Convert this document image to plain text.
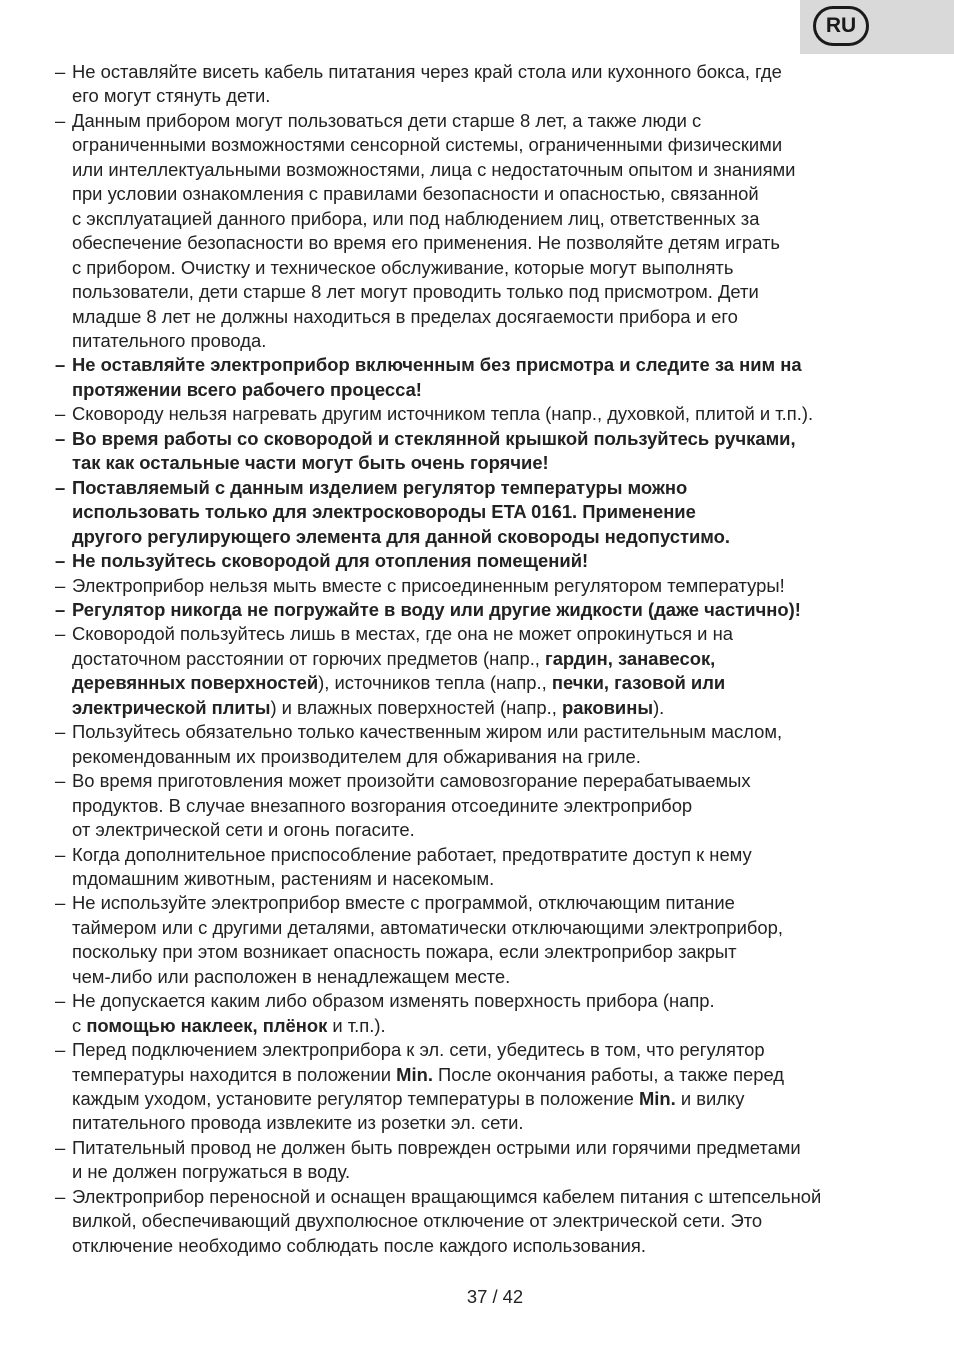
RU
– Не оставляйте висеть кабель питатания через край стола или кухонного бокса, где
его могут стянуть дети.
– Данным прибором могут пользоваться дети старше 8 лет, а также люди с
ограниченными возможностями сенсорной системы, ограниченными физическими
или интеллектуальными возможностями, лица с недостаточным опытом и знаниями
при условии ознакомления с правилами безопасности и опасностью, связанной
с эксплуатацией данного прибора, или под наблюдением лиц, ответственных за
обеспечение безопасности во время его применения. Не позволяйте детям играть
с прибором. Очистку и техническое обслуживание, которые могут выполнять
пользователи, дети старше 8 лет могут проводить только под присмотром. Дети
младше 8 лет не должны находиться в пределах досягаемости прибора и его
питательного провода.
– Не оставляйте электроприбор включенным без присмотра и следите за ним на
протяжении всего рабочего процесса!
– Сковороду нельзя нагревать другим источником тепла (напр., духовкой, плитой и т.п.).
– Во время работы со сковородой и стеклянной крышкой пользуйтесь ручками,
так как остальные части могут быть очень горячие!
– Поставляемый с данным изделием регулятор температуры можно
использовать только для электросковороды ETA 0161. Применение
другого регулирующего элемента для данной сковороды недопустимо.
– Не пользуйтесь сковородой для отопления помещений!
– Электроприбор нельзя мыть вместе с присоединенным регулятором температуры!
– Регулятор никогда не погружайте в воду или другие жидкости (даже частично)!
– Сковородой пользуйтесь лишь в местах, где она не может опрокинуться и на
достаточном расстоянии от горючих предметов (напр., гардин, занавесок,
деревянных поверхностей), источников тепла (напр., печки, газовой или
электрической плиты) и влажных поверхностей (напр., раковины).
– Пользуйтесь обязательно только качественным жиром или растительным маслом,
рекомендованным их производителем для обжаривания на гриле.
– Во время приготовления может произойти самовозгорание перерабатываемых
продуктов. В случае внезапного возгорания отсоедините электроприбор
от электрической сети и огонь погасите.
– Когда дополнительное приспособление работает, предотвратите доступ к нему
mдомашним животным, растениям и насекомым.
– Не используйте электроприбор вместе с программой, отключающим питание
таймером или с другими деталями, автоматически отключающими электроприбор,
поскольку при этом возникает опасность пожара, если электроприбор закрыт
чем-либо или расположен в ненадлежащем месте.
– Не допускается каким либо образом изменять поверхность прибора (напр.
с помощью наклеек, плёнок и т.п.).
– Перед подключением электроприбора к эл. сети, убедитесь в том, что регулятор
температуры находится в положении Min. После окончания работы, а также перед
каждым уходом, установите регулятор температуры в положение Min. и вилку
питательного провода извлеките из розетки эл. сети.
– Питательный провод не должен быть поврежден острыми или горячими предметами
и не должен погружаться в воду.
– Электроприбор переносной и оснащен вращающимся кабелем питания с штепсельной
вилкой, обеспечивающий двухполюсное отключение от электрической сети. Это
отключение необходимо соблюдать после каждого использования.
37 / 42
